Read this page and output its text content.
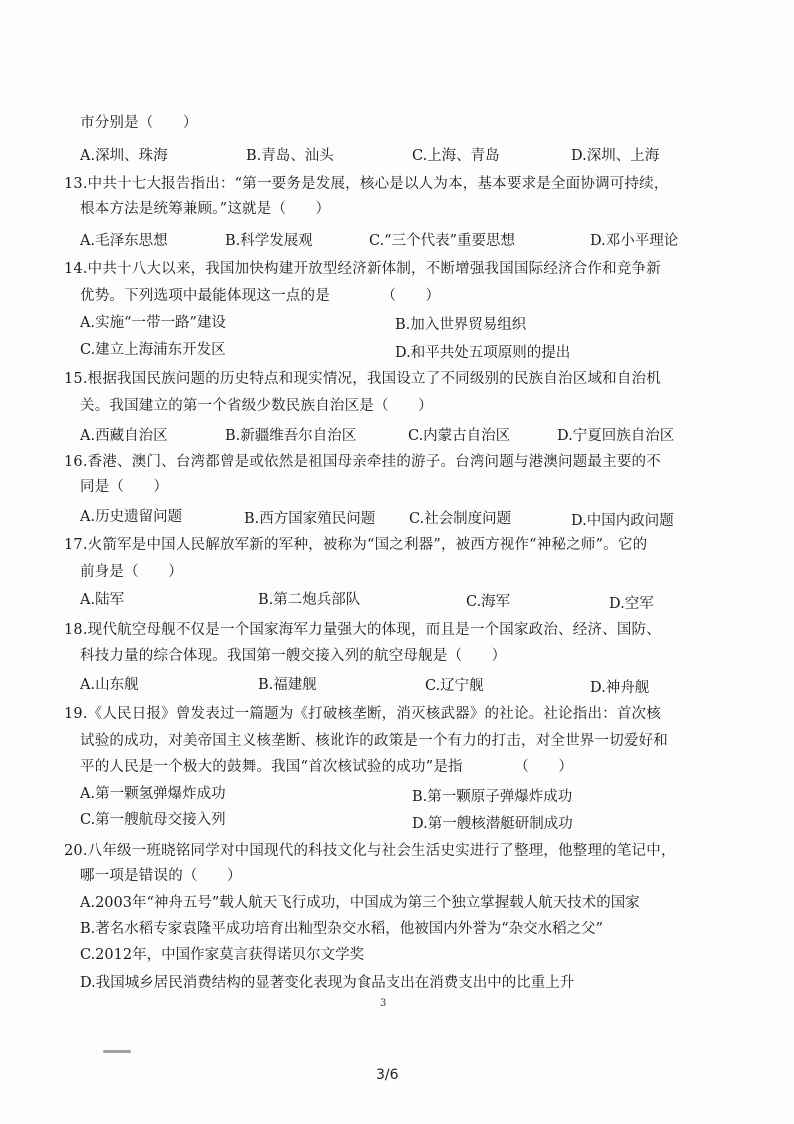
市分别是（　　）
A.深圳、珠海	B.青岛、汕头	C.上海、青岛	D.深圳、上海
13.中共十七大报告指出：“第一要务是发展，核心是以人为本，基本要求是全面协调可持续，
根本方法是统筹兼顾。”这就是（　　）
A.毛泽东思想	B.科学发展观	C.“三个代表”重要思想	D.邓小平理论
14.中共十八大以来，我国加快构建开放型经济新体制，不断增强我国国际经济合作和竞争新
优势。下列选项中最能体现这一点的是　　　　（　　）
A.实施“一带一路”建设	B.加入世界贸易组织
C.建立上海浦东开发区	D.和平共处五项原则的提出
15.根据我国民族问题的历史特点和现实情况，我国设立了不同级别的民族自治区域和自治机
关。我国建立的第一个省级少数民族自治区是（　　）
A.西藏自治区	B.新疆维吾尔自治区	C.内蒙古自治区	D.宁夏回族自治区
16.香港、澳门、台湾都曾是或依然是祖国母亲牵挂的游子。台湾问题与港澳问题最主要的不
同是（　　）
A.历史遗留问题	B.西方国家殖民问题 C.社会制度问题	D.中国内政问题
17.火箭军是中国人民解放军新的军种，被称为“国之利器”，被西方视作“神秘之师”。它的
前身是（　　）
A.陆军	B.第二炮兵部队	C.海军	D.空军
18.现代航空母舰不仅是一个国家海军力量强大的体现，而且是一个国家政治、经济、国防、
科技力量的综合体现。我国第一艘交接入列的航空母舰是（　　）
A.山东舰	B.福建舰	C.辽宁舰	D.神舟舰
19.《人民日报》曾发表过一篇题为《打破核垄断，消灭核武器》的社论。社论指出：首次核
试验的成功，对美帝国主义核垄断、核讹诈的政策是一个有力的打击，对全世界一切爱好和
平的人民是一个极大的鼓舞。我国“首次核试验的成功”是指　　　　（　　）
A.第一颗氢弹爆炸成功	B.第一颗原子弹爆炸成功
C.第一艘航母交接入列	D.第一艘核潜艇研制成功
20.八年级一班晓铭同学对中国现代的科技文化与社会生活史实进行了整理，他整理的笔记中，
哪一项是错误的（　　）
A.2003年“神舟五号”载人航天飞行成功，中国成为第三个独立掌握载人航天技术的国家
B.著名水稻专家袁隆平成功培育出籼型杂交水稻，他被国内外誉为“杂交水稻之父”
C.2012年，中国作家莫言获得诺贝尔文学奖
D.我国城乡居民消费结构的显著变化表现为食品支出在消费支出中的比重上升
3
3/6
